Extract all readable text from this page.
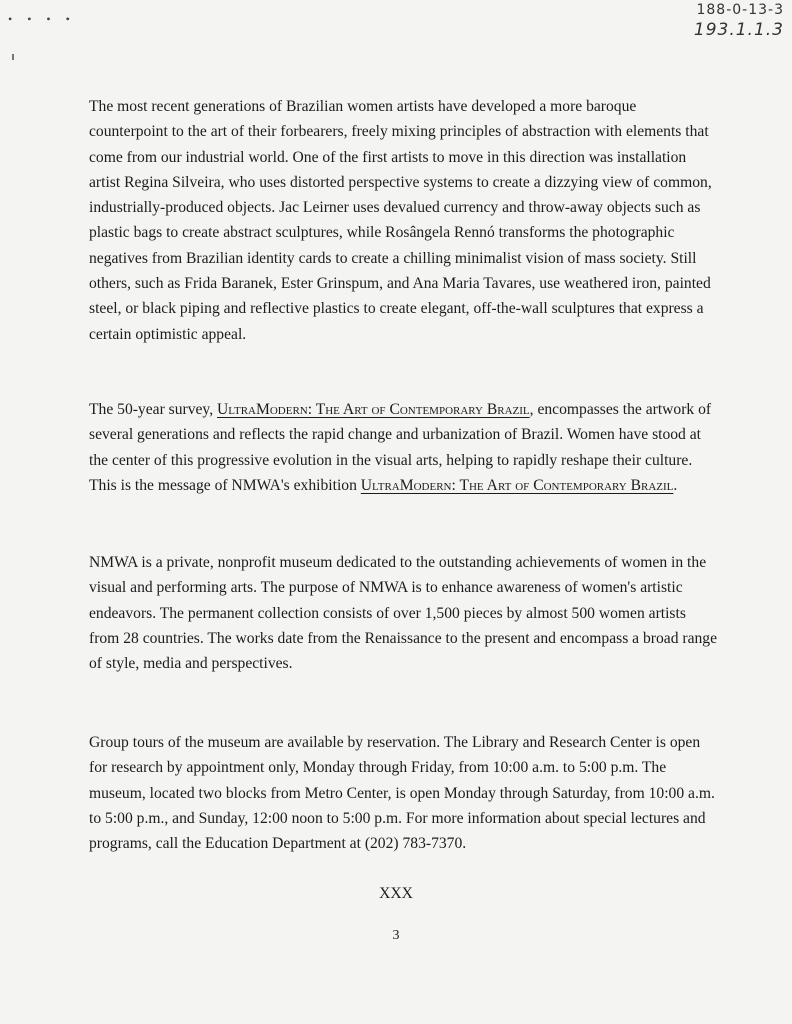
• • • •
188-0-13-3
193.1.1.3

The most recent generations of Brazilian women artists have developed a more baroque counterpoint to the art of their forbearers, freely mixing principles of abstraction with elements that come from our industrial world. One of the first artists to move in this direction was installation artist Regina Silveira, who uses distorted perspective systems to create a dizzying view of common, industrially-produced objects. Jac Leirner uses devalued currency and throw-away objects such as plastic bags to create abstract sculptures, while Rosângela Rennó transforms the photographic negatives from Brazilian identity cards to create a chilling minimalist vision of mass society. Still others, such as Frida Baranek, Ester Grinspum, and Ana Maria Tavares, use weathered iron, painted steel, or black piping and reflective plastics to create elegant, off-the-wall sculptures that express a certain optimistic appeal.

The 50-year survey, UltraModern: The Art of Contemporary Brazil, encompasses the artwork of several generations and reflects the rapid change and urbanization of Brazil. Women have stood at the center of this progressive evolution in the visual arts, helping to rapidly reshape their culture. This is the message of NMWA's exhibition UltraModern: The Art of Contemporary Brazil.

NMWA is a private, nonprofit museum dedicated to the outstanding achievements of women in the visual and performing arts. The purpose of NMWA is to enhance awareness of women's artistic endeavors. The permanent collection consists of over 1,500 pieces by almost 500 women artists from 28 countries. The works date from the Renaissance to the present and encompass a broad range of style, media and perspectives.

Group tours of the museum are available by reservation. The Library and Research Center is open for research by appointment only, Monday through Friday, from 10:00 a.m. to 5:00 p.m. The museum, located two blocks from Metro Center, is open Monday through Saturday, from 10:00 a.m. to 5:00 p.m., and Sunday, 12:00 noon to 5:00 p.m. For more information about special lectures and programs, call the Education Department at (202) 783-7370.

XXX
3
